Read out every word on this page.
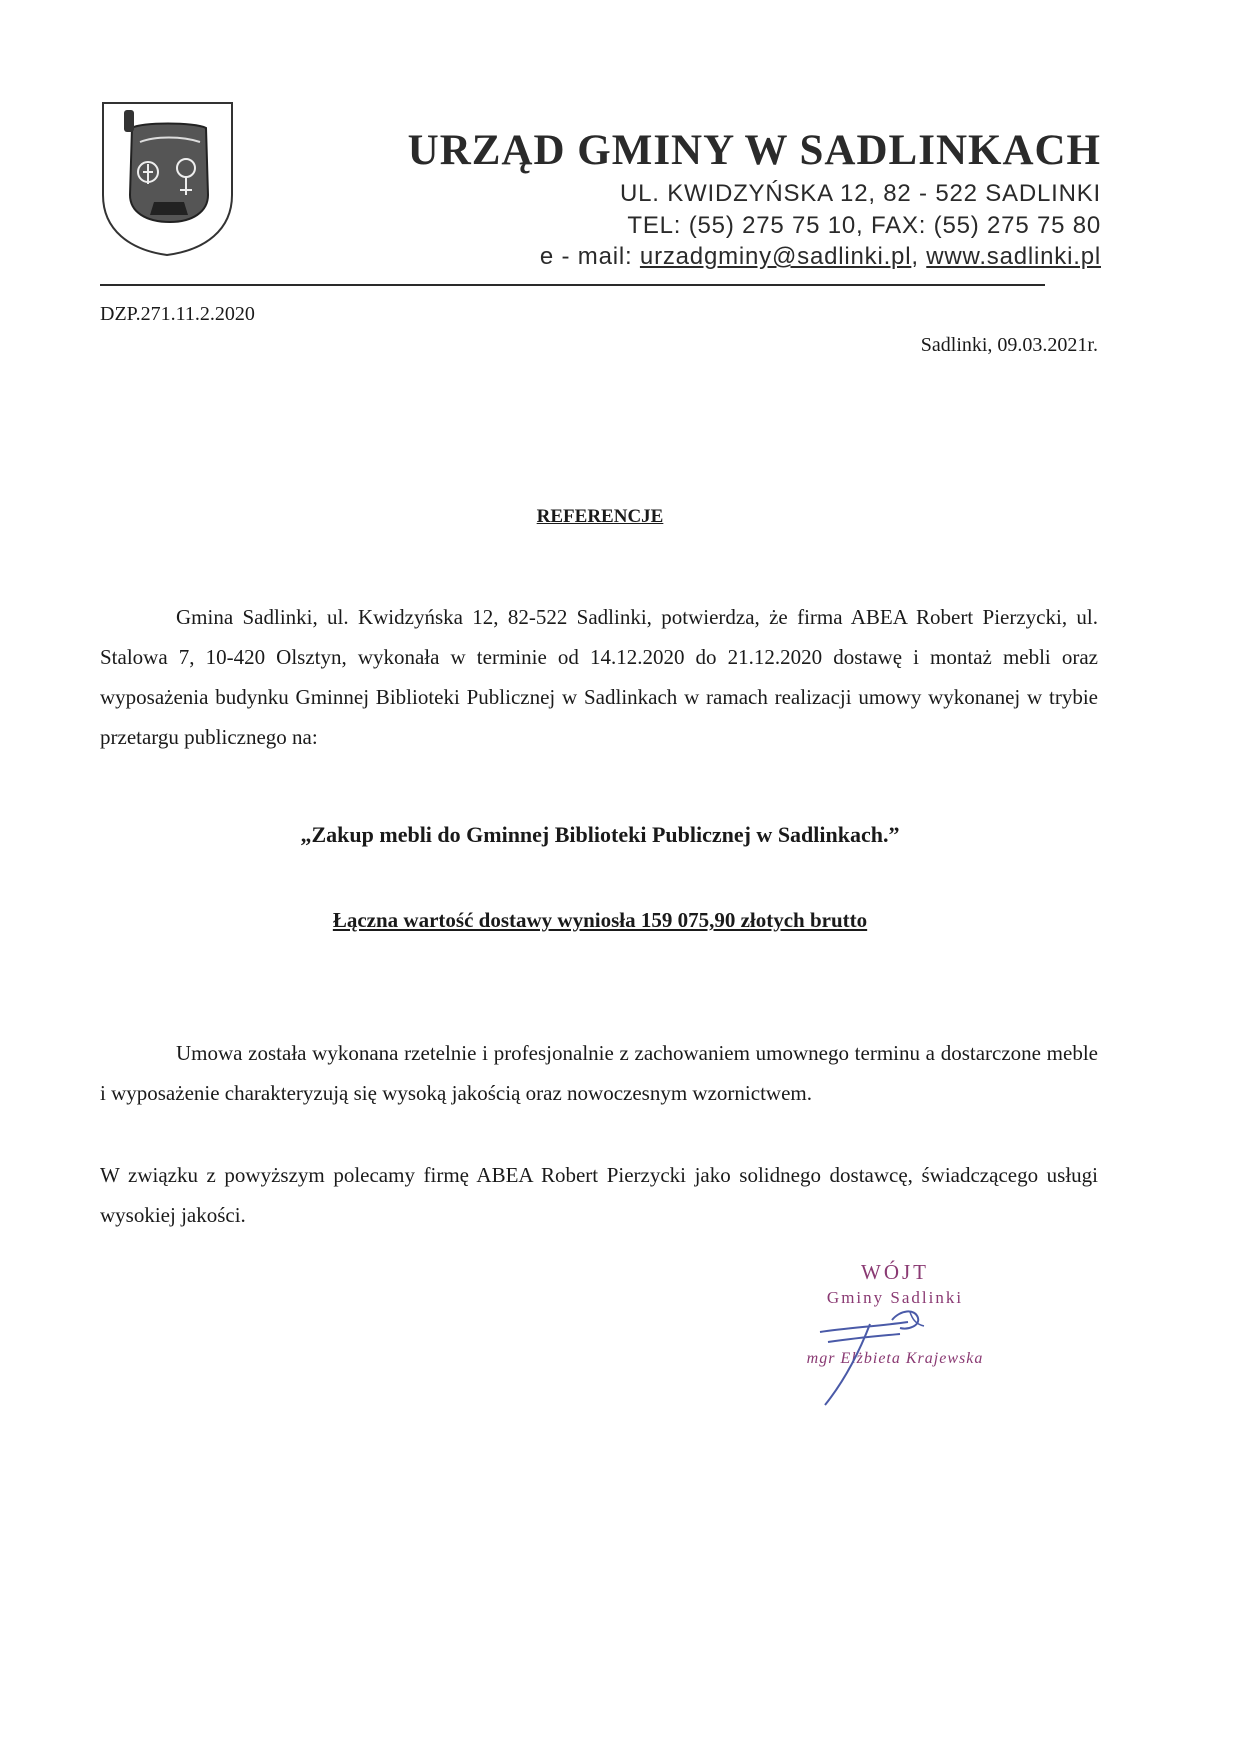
URZĄD GMINY W SADLINKACH
UL. KWIDZYŃSKA 12, 82 - 522 SADLINKI
TEL: (55) 275 75 10, FAX: (55) 275 75 80
e - mail: urzadgminy@sadlinki.pl, www.sadlinki.pl
DZP.271.11.2.2020
Sadlinki, 09.03.2021r.
REFERENCJE

Gmina Sadlinki, ul. Kwidzyńska 12, 82-522 Sadlinki, potwierdza, że firma ABEA Robert Pierzycki, ul. Stalowa 7, 10-420 Olsztyn, wykonała w terminie od 14.12.2020 do 21.12.2020 dostawę i montaż mebli oraz wyposażenia budynku Gminnej Biblioteki Publicznej w Sadlinkach w ramach realizacji umowy wykonanej w trybie przetargu publicznego na:

„Zakup mebli do Gminnej Biblioteki Publicznej w Sadlinkach.”
Łączna wartość dostawy wyniosła 159 075,90 złotych brutto

Umowa została wykonana rzetelnie i profesjonalnie z zachowaniem umownego terminu a dostarczone meble i wyposażenie charakteryzują się wysoką jakością oraz nowoczesnym wzornictwem.

W związku z powyższym polecamy firmę ABEA Robert Pierzycki jako solidnego dostawcę, świadczącego usługi wysokiej jakości.

WÓJT
Gminy Sadlinki
mgr Elżbieta Krajewska
